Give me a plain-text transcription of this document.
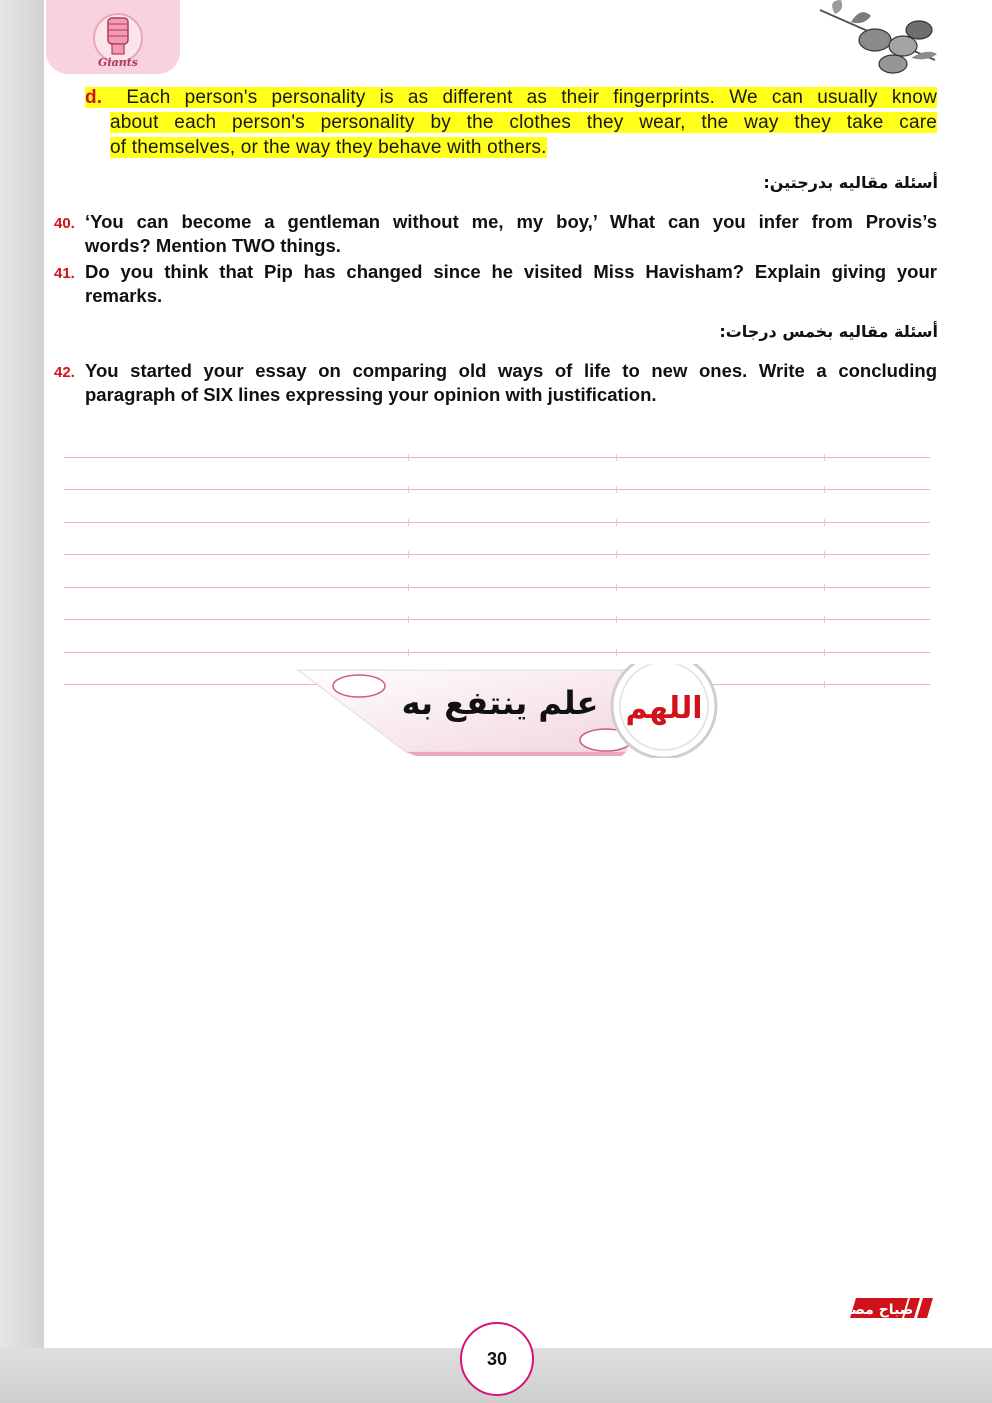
Giants
d. Each person's personality is as different as their fingerprints. We can usually know
about each person's personality by the clothes they wear, the way they take care
of themselves, or the way they behave with others.
أسئلة مقاليه بدرجتين:
40. ‘You can become a gentleman without me, my boy,’ What can you infer from Provis’s
words? Mention TWO things.
41. Do you think that Pip has changed since he visited Miss Havisham? Explain giving your
remarks.
أسئلة مقاليه بخمس درجات:
42. You started your essay on comparing old ways of life to new ones. Write a concluding
paragraph of SIX lines expressing your opinion with justification.
اللهم
علم ينتفع به
صباح مصر
30
